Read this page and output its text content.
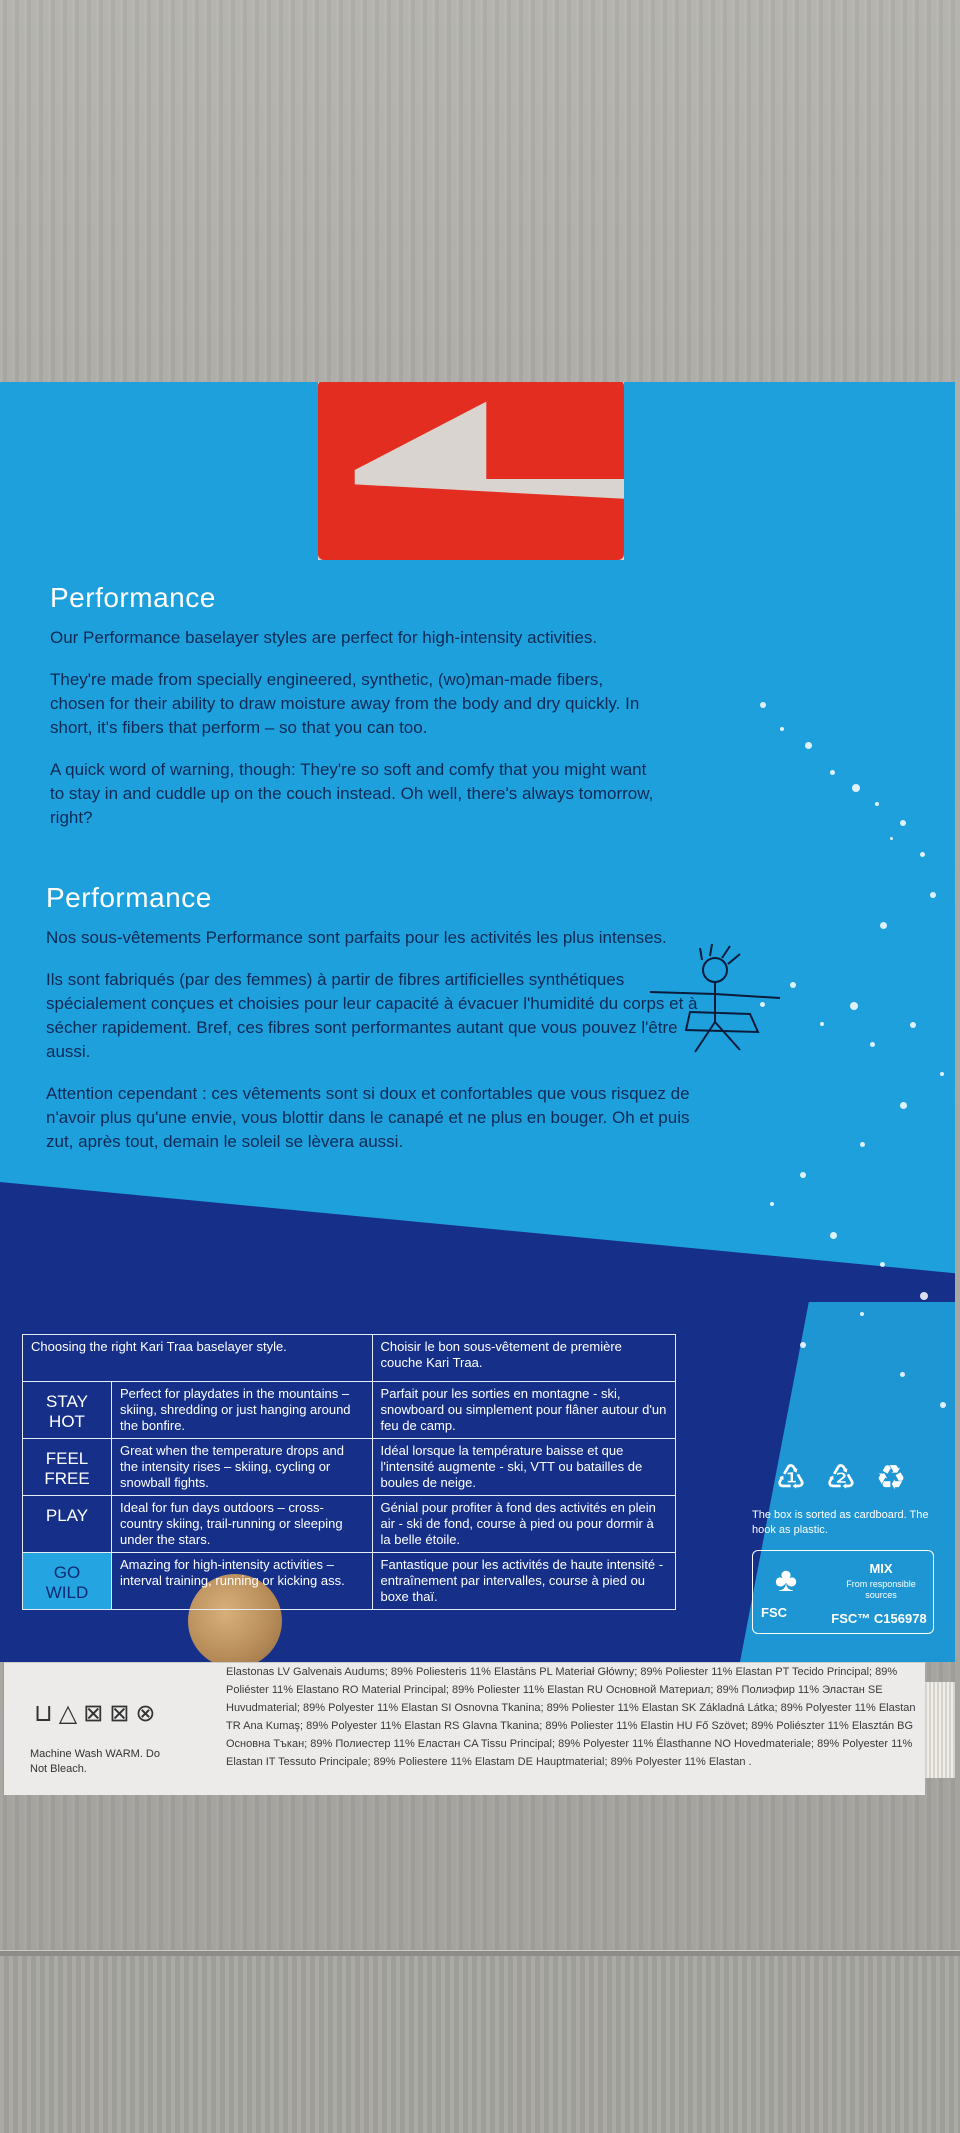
Performance

Our Performance baselayer styles are perfect for high-intensity activities.

They're made from specially engineered, synthetic, (wo)man-made fibers, chosen for their ability to draw moisture away from the body and dry quickly. In short, it's fibers that perform – so that you can too.

A quick word of warning, though: They're so soft and comfy that you might want to stay in and cuddle up on the couch instead. Oh well, there's always tomorrow, right?

Performance

Nos sous-vêtements Performance sont parfaits pour les activités les plus intenses.

Ils sont fabriqués (par des femmes) à partir de fibres artificielles synthétiques spécialement conçues et choisies pour leur capacité à évacuer l'humidité du corps et à sécher rapidement. Bref, ces fibres sont performantes autant que vous pouvez l'être aussi.

Attention cependant : ces vêtements sont si doux et confortables que vous risquez de n'avoir plus qu'une envie, vous blottir dans le canapé et ne plus en bouger. Oh et puis zut, après tout, demain le soleil se lèvera aussi.

⊔△⊠⊠⊗
Machine Wash WARM. Do Not Bleach.
Elastonas LV Galvenais Audums; 89% Poliesteris 11% Elastāns PL Materiał Główny; 89% Poliester 11% Elastan PT Tecido Principal; 89% Poliéster 11% Elastano RO Material Principal; 89% Poliester 11% Elastan RU Основной Материал; 89% Полиэфир 11% Эластан SE Huvudmaterial; 89% Polyester 11% Elastan SI Osnovna Tkanina; 89% Poliester 11% Elastan SK Základná Látka; 89% Polyester 11% Elastan TR Ana Kumaş; 89% Polyester 11% Elastan RS Glavna Tkanina; 89% Poliester 11% Elastin HU Fő Szövet; 89% Poliészter 11% Elasztán BG Основна Тъкан; 89% Полиестер 11% Еластан CA Tissu Principal; 89% Polyester 11% Élasthanne NO Hovedmateriale; 89% Polyester 11% Elastan IT Tessuto Principale; 89% Poliestere 11% Elastam DE Hauptmaterial; 89% Polyester 11% Elastan .
Choosing the right Kari Traa baselayer style.		Choisir le bon sous-vêtement de première couche Kari Traa.
STAY HOT	Perfect for playdates in the mountains – skiing, shredding or just hanging around the bonfire.	Parfait pour les sorties en montagne - ski, snowboard ou simplement pour flâner autour d'un feu de camp.
FEEL FREE	Great when the temperature drops and the intensity rises – skiing, cycling or snowball fights.	Idéal lorsque la température baisse et que l'intensité augmente - ski, VTT ou batailles de boules de neige.
PLAY	Ideal for fun days outdoors – cross-country skiing, trail-running or sleeping under the stars.	Génial pour profiter à fond des activités en plein air - ski de fond, course à pied ou pour dormir à la belle étoile.
GO WILD	Amazing for high-intensity activities – interval training, running or kicking ass.	Fantastique pour les activités de haute intensité - entraînement par intervalles, course à pied ou boxe thaï.
♳ ♴ ♻
The box is sorted as cardboard. The hook as plastic.
♣
FSC
MIX
From responsible sources
FSC™ C156978
